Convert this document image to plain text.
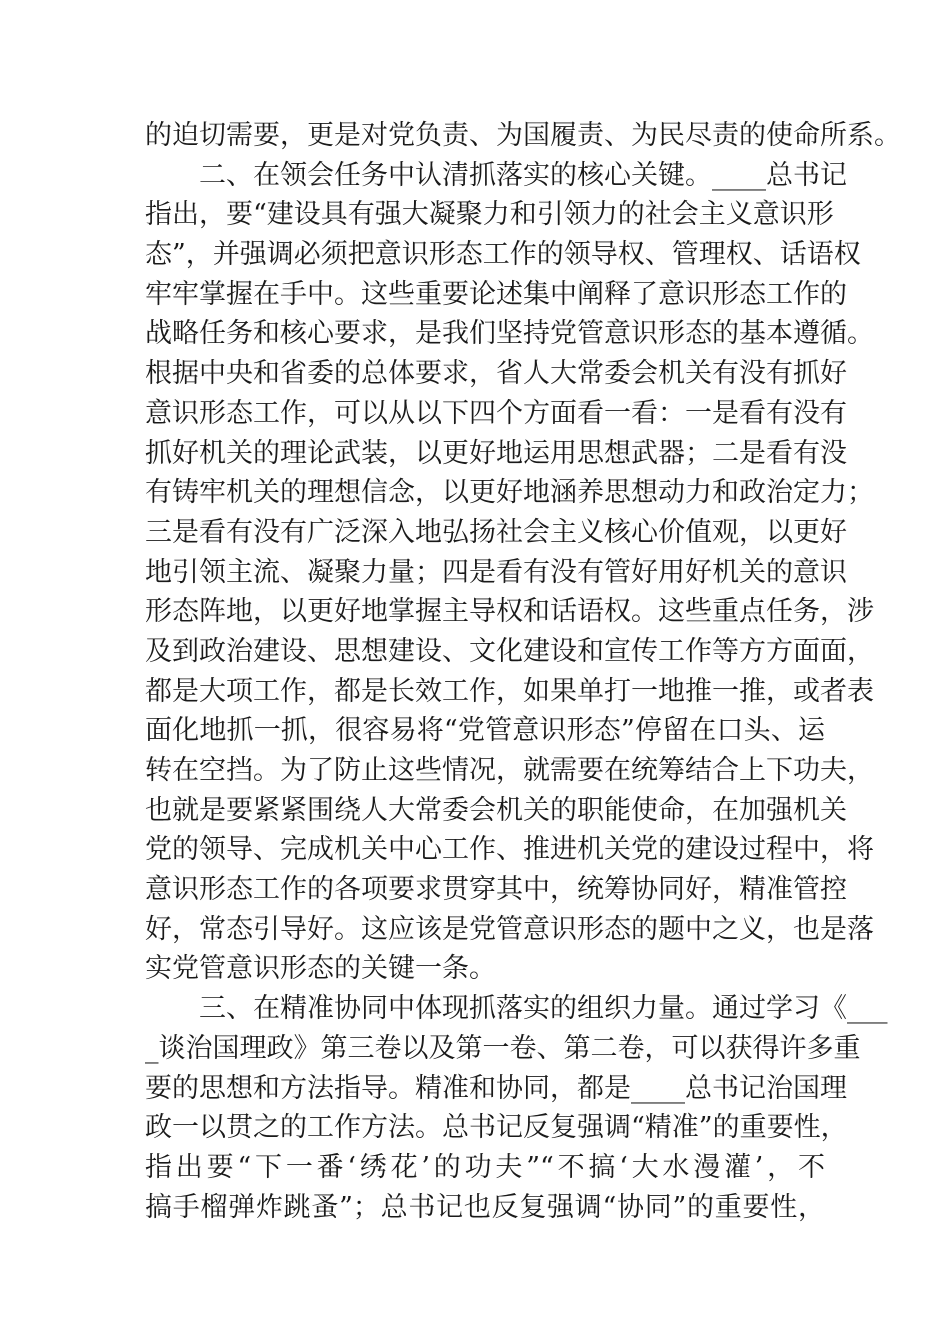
的迫切需要，更是对党负责、为国履责、为民尽责的使命所系。
二、在领会任务中认清抓落实的核心关键。____总书记
指出，要“建设具有强大凝聚力和引领力的社会主义意识形
态”，并强调必须把意识形态工作的领导权、管理权、话语权
牢牢掌握在手中。这些重要论述集中阐释了意识形态工作的
战略任务和核心要求，是我们坚持党管意识形态的基本遵循。
根据中央和省委的总体要求，省人大常委会机关有没有抓好
意识形态工作，可以从以下四个方面看一看：一是看有没有
抓好机关的理论武装，以更好地运用思想武器；二是看有没
有铸牢机关的理想信念，以更好地涵养思想动力和政治定力；
三是看有没有广泛深入地弘扬社会主义核心价值观，以更好
地引领主流、凝聚力量；四是看有没有管好用好机关的意识
形态阵地，以更好地掌握主导权和话语权。这些重点任务，涉
及到政治建设、思想建设、文化建设和宣传工作等方方面面，
都是大项工作，都是长效工作，如果单打一地推一推，或者表
面化地抓一抓，很容易将“党管意识形态”停留在口头、运
转在空挡。为了防止这些情况，就需要在统筹结合上下功夫，
也就是要紧紧围绕人大常委会机关的职能使命，在加强机关
党的领导、完成机关中心工作、推进机关党的建设过程中，将
意识形态工作的各项要求贯穿其中，统筹协同好，精准管控
好，常态引导好。这应该是党管意识形态的题中之义，也是落
实党管意识形态的关键一条。
三、在精准协同中体现抓落实的组织力量。通过学习《___
_谈治国理政》第三卷以及第一卷、第二卷，可以获得许多重
要的思想和方法指导。精准和协同，都是____总书记治国理
政一以贯之的工作方法。总书记反复强调“精准”的重要性，
指出要“下一番‘绣花’的功夫”“不搞‘大水漫灌’，不
搞手榴弹炸跳蚤”；总书记也反复强调“协同”的重要性，
